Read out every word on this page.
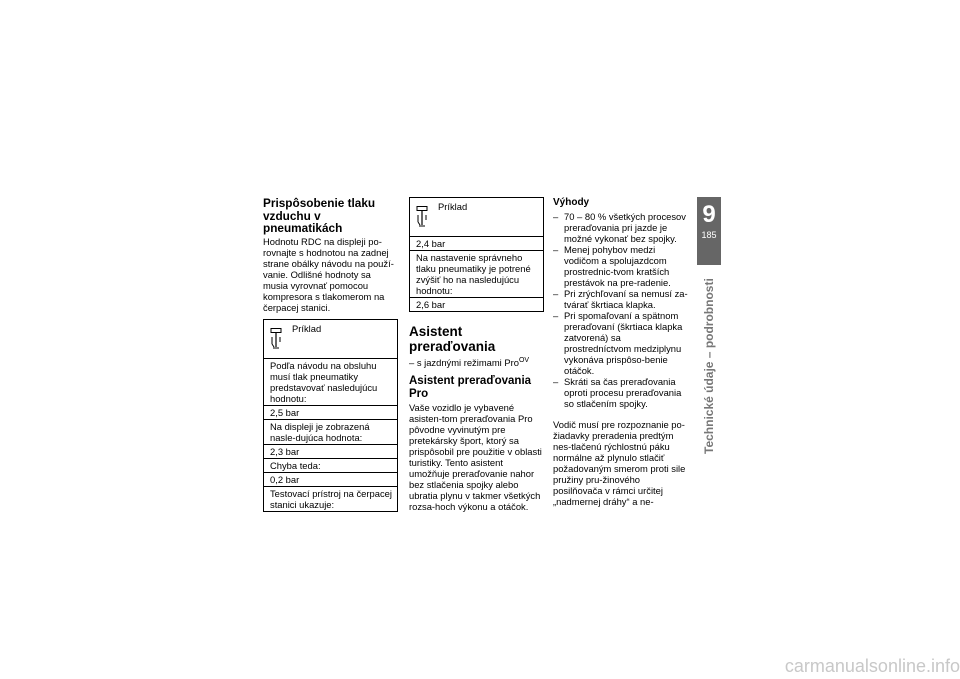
Prispôsobenie tlaku vzduchu v pneumatikách

Hodnotu RDC na displeji po-rovnajte s hodnotou na zadnej strane obálky návodu na použí-vanie. Odlišné hodnoty sa musia vyrovnať pomocou kompresora s tlakomerom na čerpacej stanici.

Príklad
Podľa návodu na obsluhu musí tlak pneumatiky predstavovať nasledujúcu hodnotu:
2,5 bar
Na displeji je zobrazená nasle-dujúca hodnota:
2,3 bar
Chyba teda:
0,2 bar
Testovací prístroj na čerpacej stanici ukazuje:
Príklad
2,4 bar
Na nastavenie správneho tlaku pneumatiky je potrené zvýšiť ho na nasledujúcu hodnotu:
2,6 bar
Asistent preraďovania

– s jazdnými režimami Pro$^{OV}$

Asistent preraďovania Pro

Vaše vozidlo je vybavené asisten-tom preraďovania Pro pôvodne vyvinutým pre pretekársky šport, ktorý sa prispôsobil pre použitie v oblasti turistiky. Tento asistent umožňuje preraďovanie nahor bez stlačenia spojky alebo ubratia plynu v takmer všetkých rozsa-hoch výkonu a otáčok.

Výhody
– 70 – 80 % všetkých procesov preraďovania pri jazde je možné vykonať bez spojky.
– Menej pohybov medzi vodičom a spolujazdcom prostrednic-tvom kratších prestávok na pre-radenie.
– Pri zrýchľovaní sa nemusí za-tvárať škrtiaca klapka.
– Pri spomaľovaní a spätnom preraďovaní (škrtiaca klapka zatvorená) sa prostredníctvom medziplynu vykonáva prispôso-benie otáčok.
– Skráti sa čas preraďovania oproti procesu preraďovania so stlačením spojky.

Vodič musí pre rozpoznanie po-žiadavky preradenia predtým nes-tlačenú rýchlostnú páku normálne až plynulo stlačiť požadovaným smerom proti sile pružiny pru-žinového posilňovača v rámci určitej „nadmernej dráhy“ a ne-

9
185
Technické údaje – podrobnosti
carmanualsonline.info
